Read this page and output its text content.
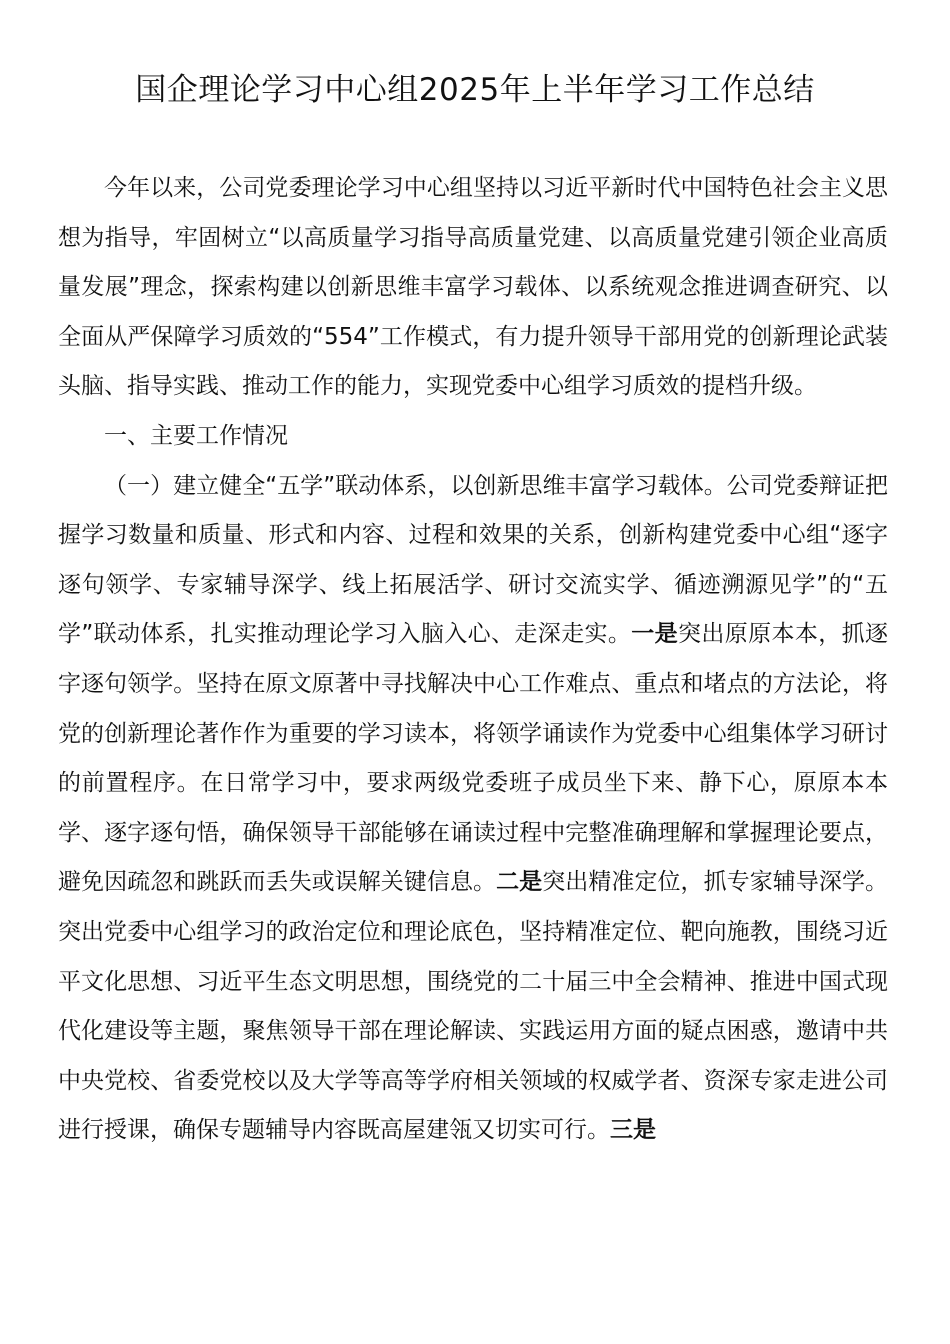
国企理论学习中心组2025年上半年学习工作总结

今年以来，公司党委理论学习中心组坚持以习近平新时代中国特色社会主义思想为指导，牢固树立“以高质量学习指导高质量党建、以高质量党建引领企业高质量发展”理念，探索构建以创新思维丰富学习载体、以系统观念推进调查研究、以全面从严保障学习质效的“554”工作模式，有力提升领导干部用党的创新理论武装头脑、指导实践、推动工作的能力，实现党委中心组学习质效的提档升级。

一、主要工作情况

（一）建立健全“五学”联动体系，以创新思维丰富学习载体。公司党委辩证把握学习数量和质量、形式和内容、过程和效果的关系，创新构建党委中心组“逐字逐句领学、专家辅导深学、线上拓展活学、研讨交流实学、循迹溯源见学”的“五学”联动体系，扎实推动理论学习入脑入心、走深走实。一是突出原原本本，抓逐字逐句领学。坚持在原文原著中寻找解决中心工作难点、重点和堵点的方法论，将党的创新理论著作作为重要的学习读本，将领学诵读作为党委中心组集体学习研讨的前置程序。在日常学习中，要求两级党委班子成员坐下来、静下心，原原本本学、逐字逐句悟，确保领导干部能够在诵读过程中完整准确理解和掌握理论要点，避免因疏忽和跳跃而丢失或误解关键信息。二是突出精准定位，抓专家辅导深学。突出党委中心组学习的政治定位和理论底色，坚持精准定位、靶向施教，围绕习近平文化思想、习近平生态文明思想，围绕党的二十届三中全会精神、推进中国式现代化建设等主题，聚焦领导干部在理论解读、实践运用方面的疑点困惑，邀请中共中央党校、省委党校以及大学等高等学府相关领域的权威学者、资深专家走进公司进行授课，确保专题辅导内容既高屋建瓴又切实可行。三是
